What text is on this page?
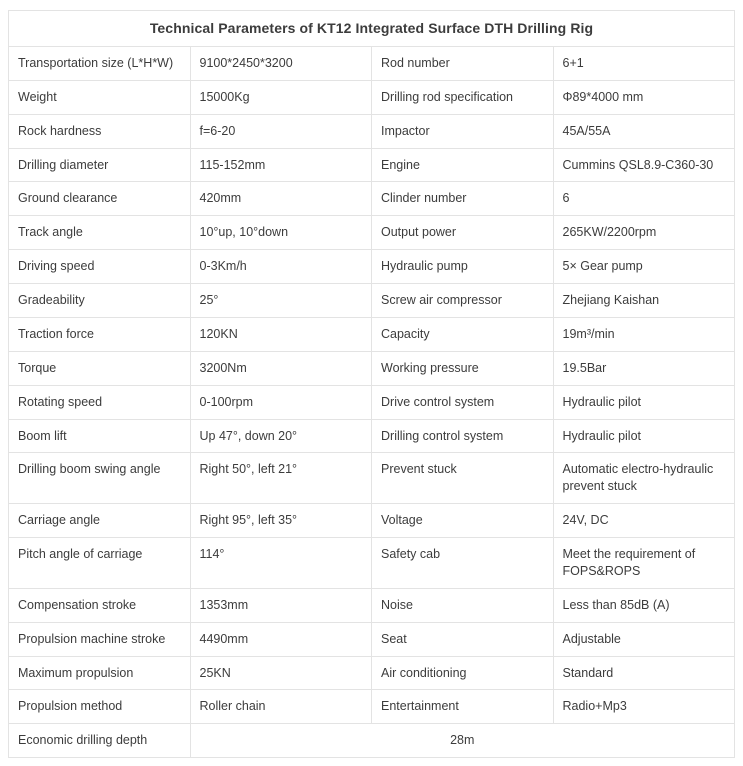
Technical Parameters of KT12 Integrated Surface DTH Drilling Rig			
Transportation size (L*H*W)	9100*2450*3200	Rod number	6+1
Weight	15000Kg	Drilling rod specification	Φ89*4000 mm
Rock hardness	f=6-20	Impactor	45A/55A
Drilling diameter	115-152mm	Engine	Cummins QSL8.9-C360-30
Ground clearance	420mm	Clinder number	6
Track angle	10°up, 10°down	Output power	265KW/2200rpm
Driving speed	0-3Km/h	Hydraulic pump	5× Gear pump
Gradeability	25°	Screw air compressor	Zhejiang Kaishan
Traction force	120KN	Capacity	19m³/min
Torque	3200Nm	Working pressure	19.5Bar
Rotating speed	0-100rpm	Drive control system	Hydraulic pilot
Boom lift	Up 47°, down 20°	Drilling control system	Hydraulic pilot
Drilling boom swing angle	Right 50°, left 21°	Prevent stuck	Automatic electro-hydraulic prevent stuck
Carriage angle	Right 95°, left 35°	Voltage	24V, DC
Pitch angle of carriage	114°	Safety cab	Meet the requirement of FOPS&ROPS
Compensation stroke	1353mm	Noise	Less than 85dB (A)
Propulsion machine stroke	4490mm	Seat	Adjustable
Maximum propulsion	25KN	Air conditioning	Standard
Propulsion method	Roller chain	Entertainment	Radio+Mp3
Economic drilling depth	28m		
